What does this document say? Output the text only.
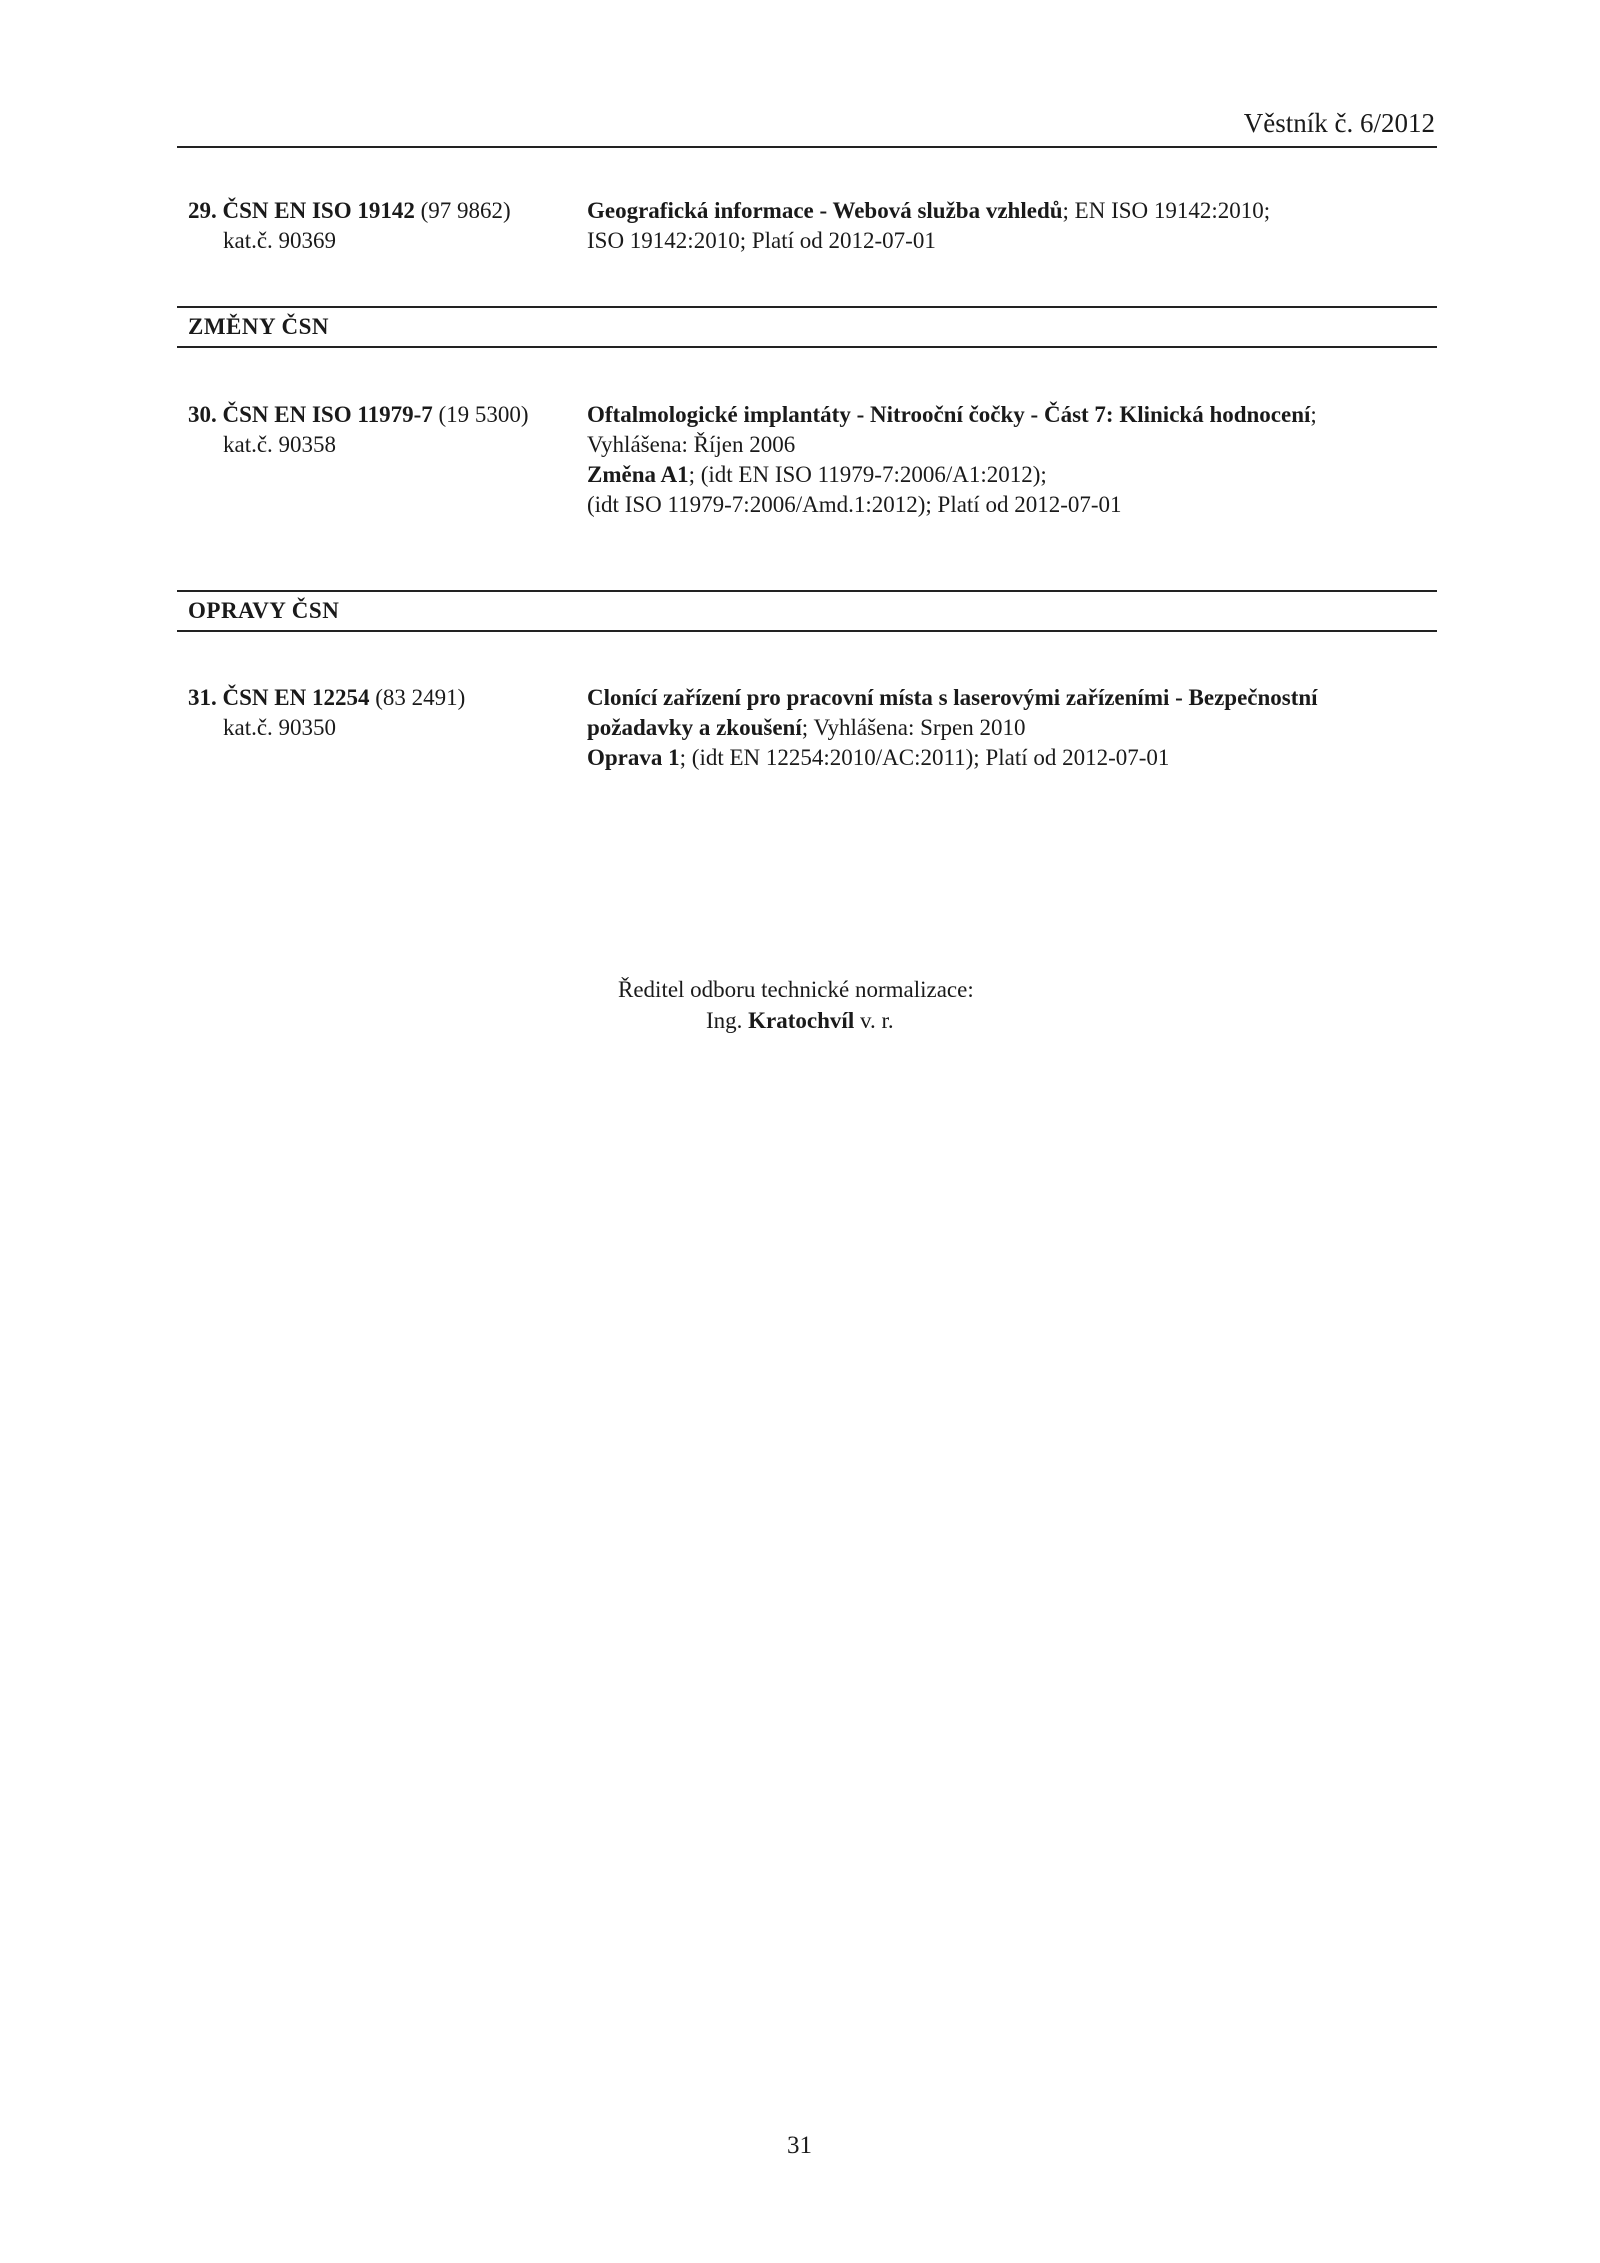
Věstník č. 6/2012
29. ČSN EN ISO 19142 (97 9862)
kat.č. 90369
Geografická informace - Webová služba vzhledů; EN ISO 19142:2010;
ISO 19142:2010; Platí od 2012-07-01
ZMĚNY ČSN
30. ČSN EN ISO 11979-7 (19 5300)
kat.č. 90358
Oftalmologické implantáty - Nitrooční čočky - Část 7: Klinická hodnocení;
Vyhlášena: Říjen 2006
Změna A1; (idt EN ISO 11979-7:2006/A1:2012);
(idt ISO 11979-7:2006/Amd.1:2012); Platí od 2012-07-01
OPRAVY ČSN
31. ČSN EN 12254 (83 2491)
kat.č. 90350
Clonící zařízení pro pracovní místa s laserovými zařízeními - Bezpečnostní
požadavky a zkoušení; Vyhlášena: Srpen 2010
Oprava 1; (idt EN 12254:2010/AC:2011); Platí od 2012-07-01
Ředitel odboru technické normalizace:
Ing. Kratochvíl v. r.
31
